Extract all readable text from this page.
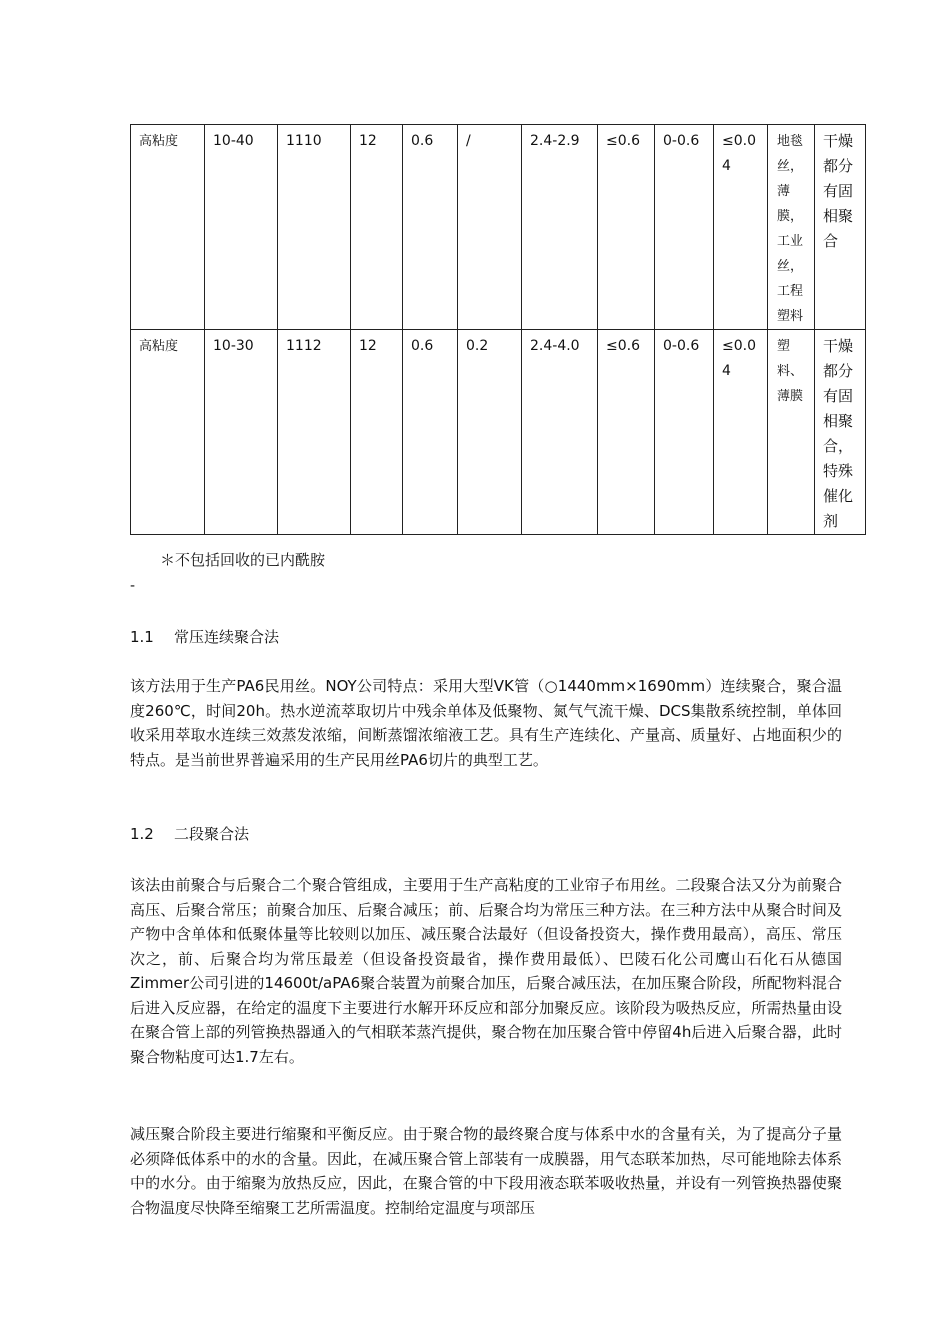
高粘度	10-40	1110	12	0.6	/	2.4-2.9	≤0.6	0-0.6	≤0.04	地毯丝，薄膜，工业丝，工程塑料	干燥都分有固相聚合
高粘度	10-30	1112	12	0.6	0.2	2.4-4.0	≤0.6	0-0.6	≤0.04	塑料、薄膜	干燥都分有固相聚合，特殊催化剂
＊不包括回收的已内酰胺
-
1.1 常压连续聚合法
该方法用于生产PA6民用丝。NOY公司特点：采用大型VK管（○1440mm×1690mm）连续聚合，聚合温度260℃，时间20h。热水逆流萃取切片中残余单体及低聚物、氮气气流干燥、DCS集散系统控制，单体回收采用萃取水连续三效蒸发浓缩，间断蒸馏浓缩液工艺。具有生产连续化、产量高、质量好、占地面积少的特点。是当前世界普遍采用的生产民用丝PA6切片的典型工艺。
1.2 二段聚合法
该法由前聚合与后聚合二个聚合管组成，主要用于生产高粘度的工业帘子布用丝。二段聚合法又分为前聚合高压、后聚合常压；前聚合加压、后聚合减压；前、后聚合均为常压三种方法。在三种方法中从聚合时间及产物中含单体和低聚体量等比较则以加压、减压聚合法最好（但设备投资大，操作费用最高），高压、常压次之，前、后聚合均为常压最差（但设备投资最省，操作费用最低）、巴陵石化公司鹰山石化石从德国Zimmer公司引进的14600t/aPA6聚合装置为前聚合加压，后聚合减压法，在加压聚合阶段，所配物料混合后进入反应器，在给定的温度下主要进行水解开环反应和部分加聚反应。该阶段为吸热反应，所需热量由设在聚合管上部的列管换热器通入的气相联苯蒸汽提供，聚合物在加压聚合管中停留4h后进入后聚合器，此时聚合物粘度可达1.7左右。
减压聚合阶段主要进行缩聚和平衡反应。由于聚合物的最终聚合度与体系中水的含量有关，为了提高分子量必须降低体系中的水的含量。因此，在减压聚合管上部装有一成膜器，用气态联苯加热，尽可能地除去体系中的水分。由于缩聚为放热反应，因此，在聚合管的中下段用液态联苯吸收热量，并设有一列管换热器使聚合物温度尽快降至缩聚工艺所需温度。控制给定温度与项部压
